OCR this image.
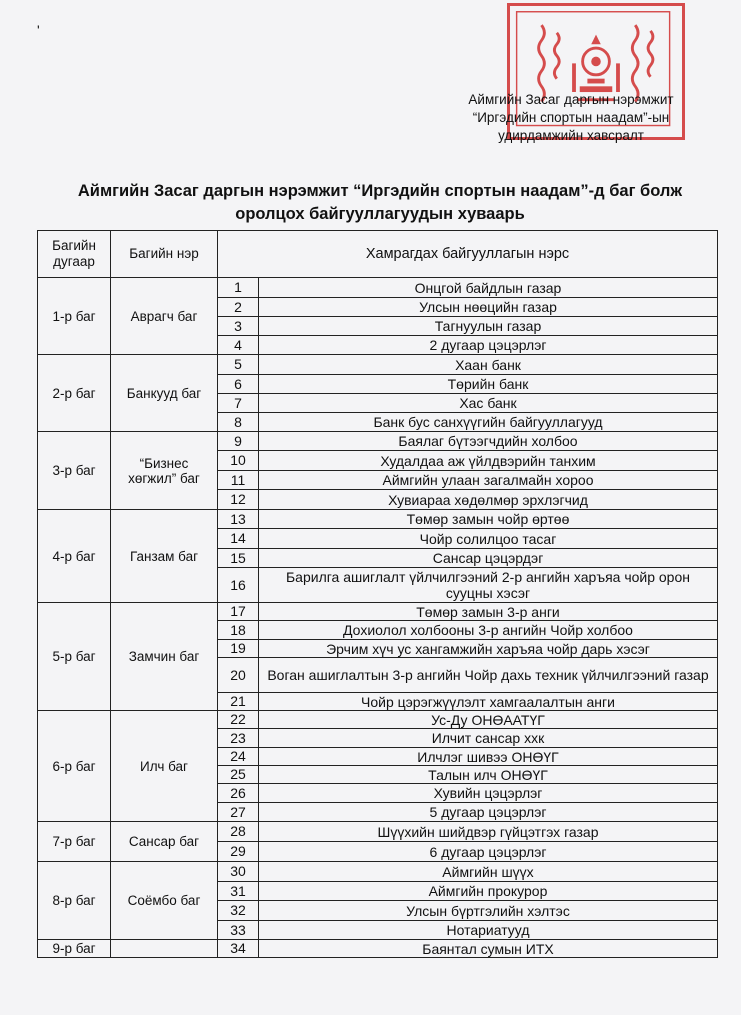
'
Аймгийн Засаг даргын нэрэмжит
“Иргэдийн спортын наадам”-ын
удирдамжийн хавсралт
Аймгийн Засаг даргын нэрэмжит “Иргэдийн спортын наадам”-д баг болж
оролцох байгууллагуудын хуваарь
Багийн дугаар	Багийн нэр	Хамрагдах байгууллагын нэрс	
1-р баг	Аврагч баг	1	Онцгой байдлын газар
		2	Улсын нөөцийн газар
		3	Тагнуулын газар
		4	2 дугаар цэцэрлэг
2-р баг	Банкууд баг	5	Хаан банк
		6	Төрийн банк
		7	Хас банк
		8	Банк бус санхүүгийн байгууллагууд
3-р баг	“Бизнес хөгжил” баг	9	Баялаг бүтээгчдийн холбоо
		10	Худалдаа аж үйлдвэрийн танхим
		11	Аймгийн улаан загалмайн хороо
		12	Хувиараа хөдөлмөр эрхлэгчид
4-р баг	Ганзам баг	13	Төмөр замын чойр өртөө
		14	Чойр солилцоо тасаг
		15	Сансар цэцэрдэг
		16	Барилга ашиглалт үйлчилгээний 2-р ангийн харъяа чойр орон сууцны хэсэг
5-р баг	Замчин баг	17	Төмөр замын 3-р анги
		18	Дохиолол холбооны 3-р ангийн Чойр холбоо
		19	Эрчим хүч ус хангамжийн харъяа чойр дарь хэсэг
		20	Воган ашиглалтын 3-р ангийн Чойр дахь техник үйлчилгээний газар
		21	Чойр цэрэгжүүлэлт хамгаалалтын анги
6-р баг	Илч баг	22	Ус-Ду ОНӨААТҮГ
		23	Илчит сансар ххк
		24	Илчлэг шивээ ОНӨҮГ
		25	Талын илч ОНӨҮГ
		26	Хувийн цэцэрлэг
		27	5 дугаар цэцэрлэг
7-р баг	Сансар баг	28	Шүүхийн шийдвэр гүйцэтгэх газар
		29	6 дугаар цэцэрлэг
8-р баг	Соёмбо баг	30	Аймгийн шүүх
		31	Аймгийн прокурор
		32	Улсын бүртгэлийн хэлтэс
		33	Нотариатууд
9-р баг		34	Баянтал сумын ИТХ
